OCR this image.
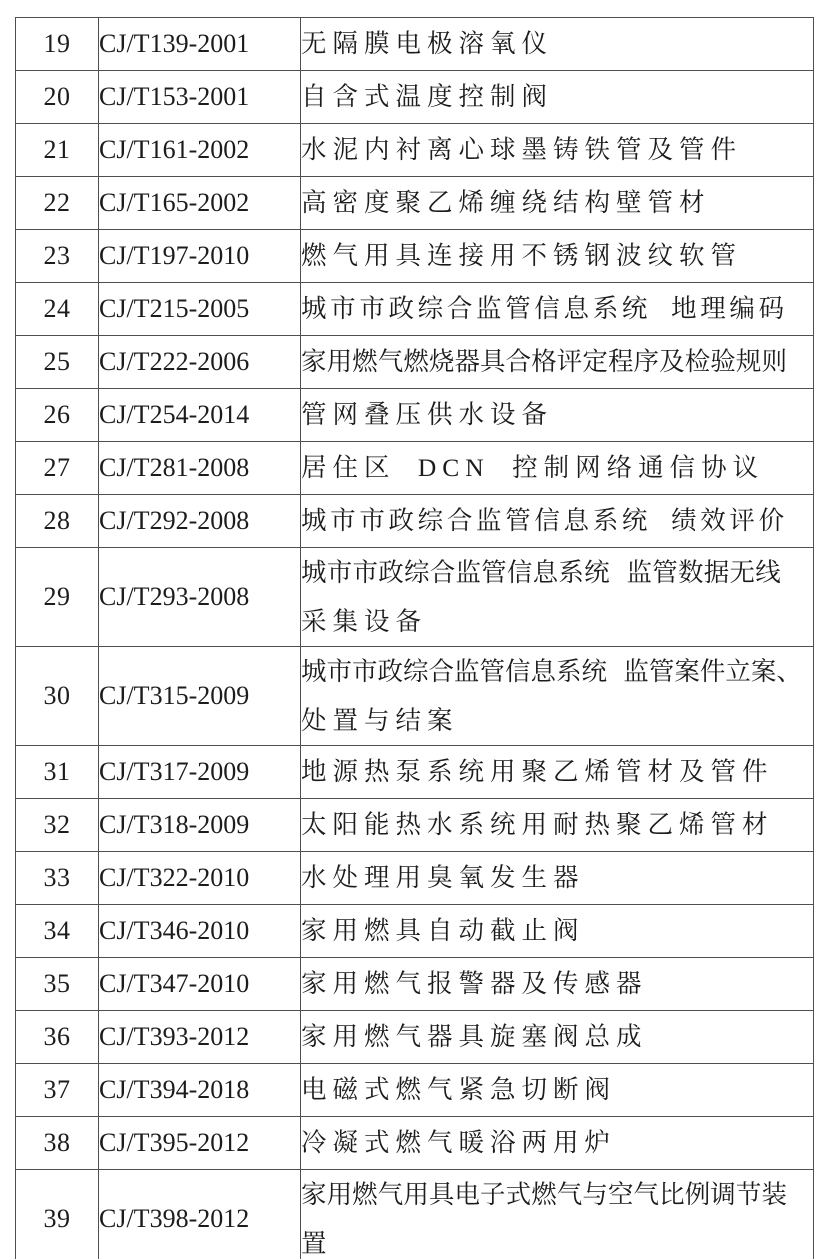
19	CJ/T139-2001	无隔膜电极溶氧仪

20	CJ/T153-2001	自含式温度控制阀

21	CJ/T161-2002	水泥内衬离心球墨铸铁管及管件

22	CJ/T165-2002	高密度聚乙烯缠绕结构壁管材

23	CJ/T197-2010	燃气用具连接用不锈钢波纹软管

24	CJ/T215-2005	城市市政综合监管信息系统 地理编码

25	CJ/T222-2006	家用燃气燃烧器具合格评定程序及检验规则

26	CJ/T254-2014	管网叠压供水设备

27	CJ/T281-2008	居住区 DCN 控制网络通信协议

28	CJ/T292-2008	城市市政综合监管信息系统 绩效评价

29	CJ/T293-2008	城市市政综合监管信息系统 监管数据无线
采集设备

30	CJ/T315-2009	城市市政综合监管信息系统 监管案件立案、
处置与结案

31	CJ/T317-2009	地源热泵系统用聚乙烯管材及管件

32	CJ/T318-2009	太阳能热水系统用耐热聚乙烯管材

33	CJ/T322-2010	水处理用臭氧发生器

34	CJ/T346-2010	家用燃具自动截止阀

35	CJ/T347-2010	家用燃气报警器及传感器

36	CJ/T393-2012	家用燃气器具旋塞阀总成

37	CJ/T394-2018	电磁式燃气紧急切断阀

38	CJ/T395-2012	冷凝式燃气暖浴两用炉

39	CJ/T398-2012	家用燃气用具电子式燃气与空气比例调节装
置
